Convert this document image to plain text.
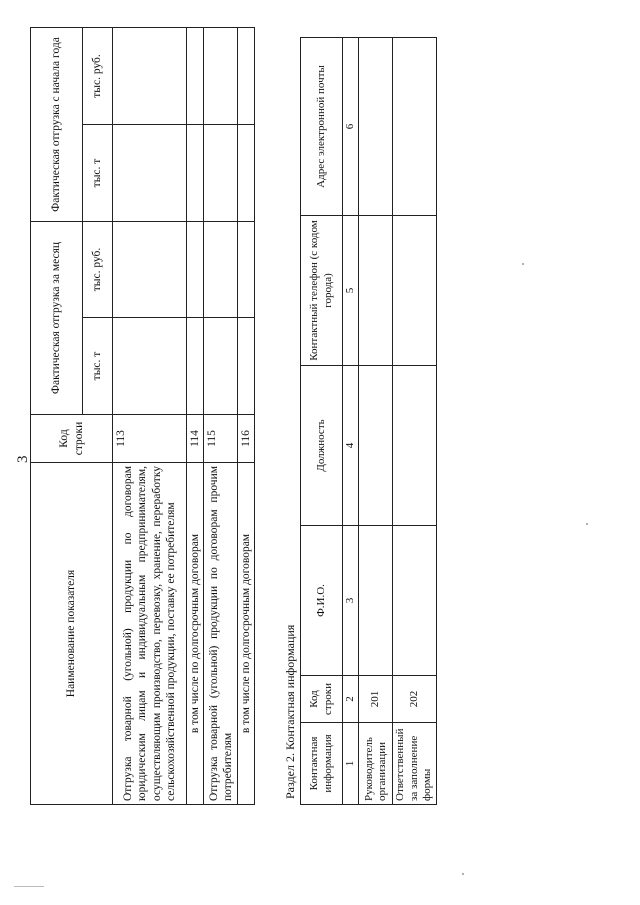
3
Наименование показателя	Код строки	Фактическая отгрузка за месяц		Фактическая отгрузка с начала года	
		тыс. т	тыс. руб.	тыс. т	тыс. руб.
Отгрузка товарной (угольной) продукции по договорам юридическим лицам и индивидуальным предпринимателям, осуществляющим производство, перевозку, хранение, переработку сельскохозяйственной продукции, поставку ее потребителям	113				
в том числе по долгосрочным договорам	114				
Отгрузка товарной (угольной) продукции по договорам прочим потребителям	115				
в том числе по долгосрочным договорам	116				
Раздел 2. Контактная информация Контактная информация	Код строки	Ф.И.О.	Должность	Контактный телефон (с кодом города)	Адрес электронной почты
1	2	3	4	5	6
Руководитель организации	201				
Ответственный за заполнение формы	202				
